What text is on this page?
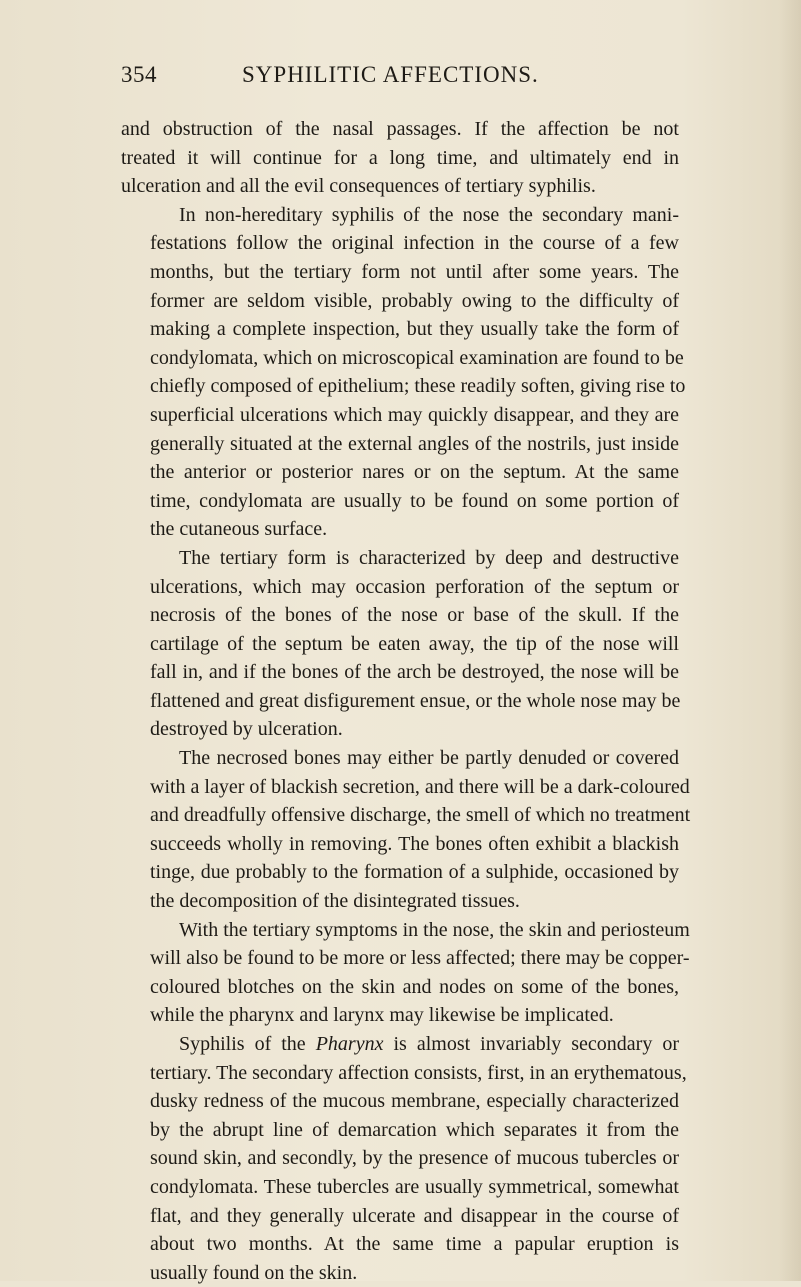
354	SYPHILITIC AFFECTIONS.

and obstruction of the nasal passages. If the affection be not
treated it will continue for a long time, and ultimately end in
ulceration and all the evil consequences of tertiary syphilis.

In non-hereditary syphilis of the nose the secondary mani-
festations follow the original infection in the course of a few
months, but the tertiary form not until after some years. The
former are seldom visible, probably owing to the difficulty of
making a complete inspection, but they usually take the form of
condylomata, which on microscopical examination are found to be
chiefly composed of epithelium; these readily soften, giving rise to
superficial ulcerations which may quickly disappear, and they are
generally situated at the external angles of the nostrils, just inside
the anterior or posterior nares or on the septum. At the same
time, condylomata are usually to be found on some portion of
the cutaneous surface.

The tertiary form is characterized by deep and destructive
ulcerations, which may occasion perforation of the septum or
necrosis of the bones of the nose or base of the skull. If the
cartilage of the septum be eaten away, the tip of the nose will
fall in, and if the bones of the arch be destroyed, the nose will be
flattened and great disfigurement ensue, or the whole nose may be
destroyed by ulceration.

The necrosed bones may either be partly denuded or covered
with a layer of blackish secretion, and there will be a dark-coloured
and dreadfully offensive discharge, the smell of which no treatment
succeeds wholly in removing. The bones often exhibit a blackish
tinge, due probably to the formation of a sulphide, occasioned by
the decomposition of the disintegrated tissues.

With the tertiary symptoms in the nose, the skin and periosteum
will also be found to be more or less affected; there may be copper-
coloured blotches on the skin and nodes on some of the bones,
while the pharynx and larynx may likewise be implicated.

Syphilis of the Pharynx is almost invariably secondary or
tertiary. The secondary affection consists, first, in an erythematous,
dusky redness of the mucous membrane, especially characterized
by the abrupt line of demarcation which separates it from the
sound skin, and secondly, by the presence of mucous tubercles or
condylomata. These tubercles are usually symmetrical, somewhat
flat, and they generally ulcerate and disappear in the course of
about two months. At the same time a papular eruption is
usually found on the skin.
